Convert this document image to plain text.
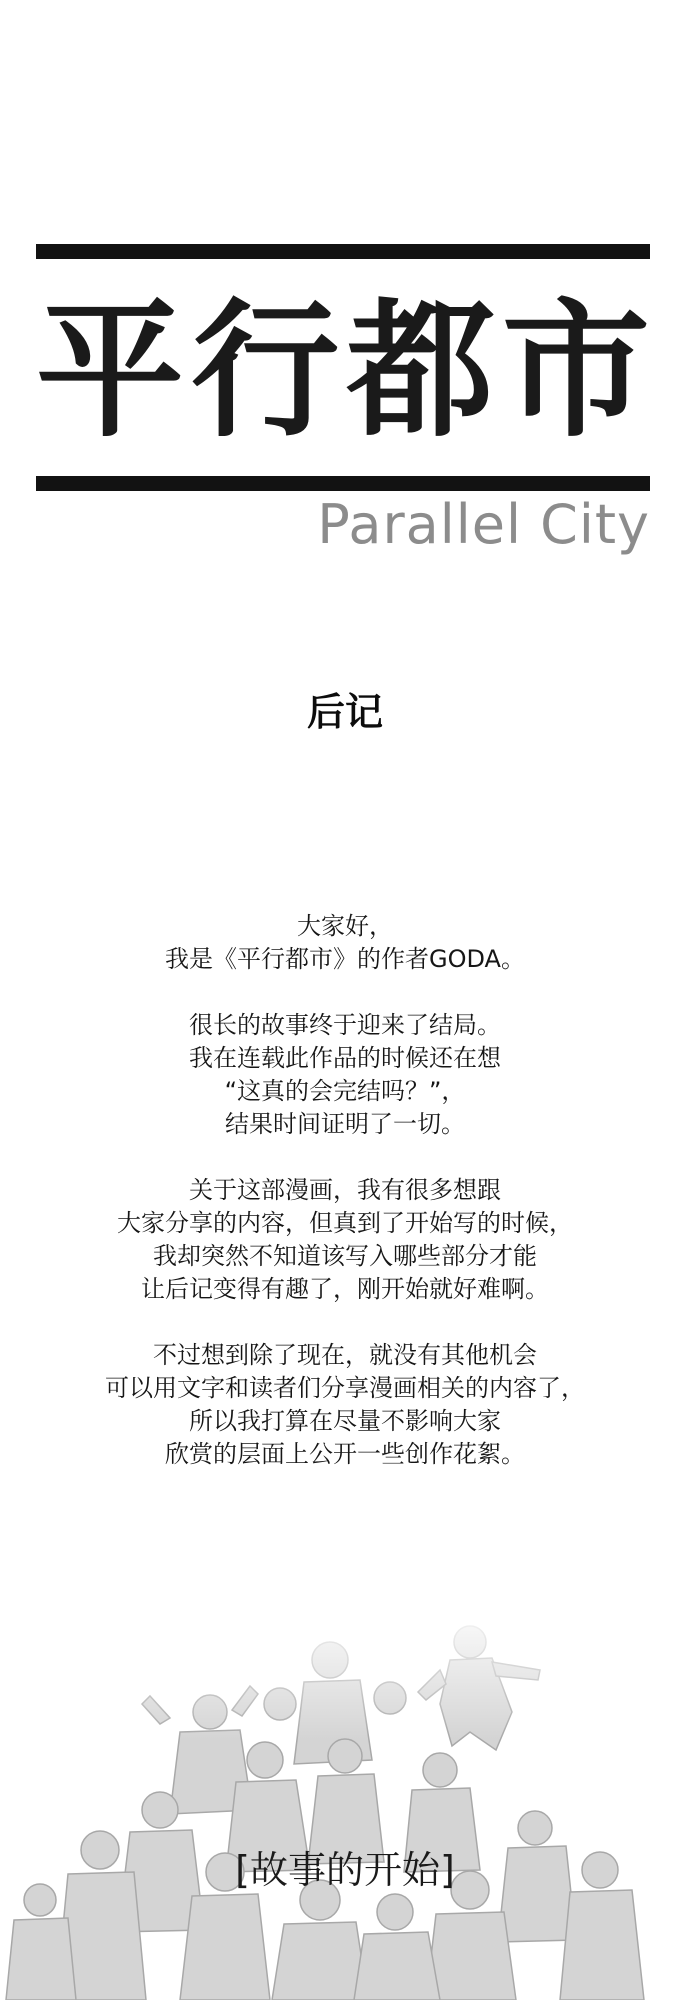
平 行 都 市

Parallel City

后记

大家好，
我是《平行都市》的作者GODA。

很长的故事终于迎来了结局。
我在连载此作品的时候还在想
“这真的会完结吗？”，
结果时间证明了一切。

关于这部漫画，我有很多想跟
大家分享的内容，但真到了开始写的时候，
我却突然不知道该写入哪些部分才能
让后记变得有趣了，刚开始就好难啊。

不过想到除了现在，就没有其他机会
可以用文字和读者们分享漫画相关的内容了，
所以我打算在尽量不影响大家
欣赏的层面上公开一些创作花絮。

[故事的开始]
